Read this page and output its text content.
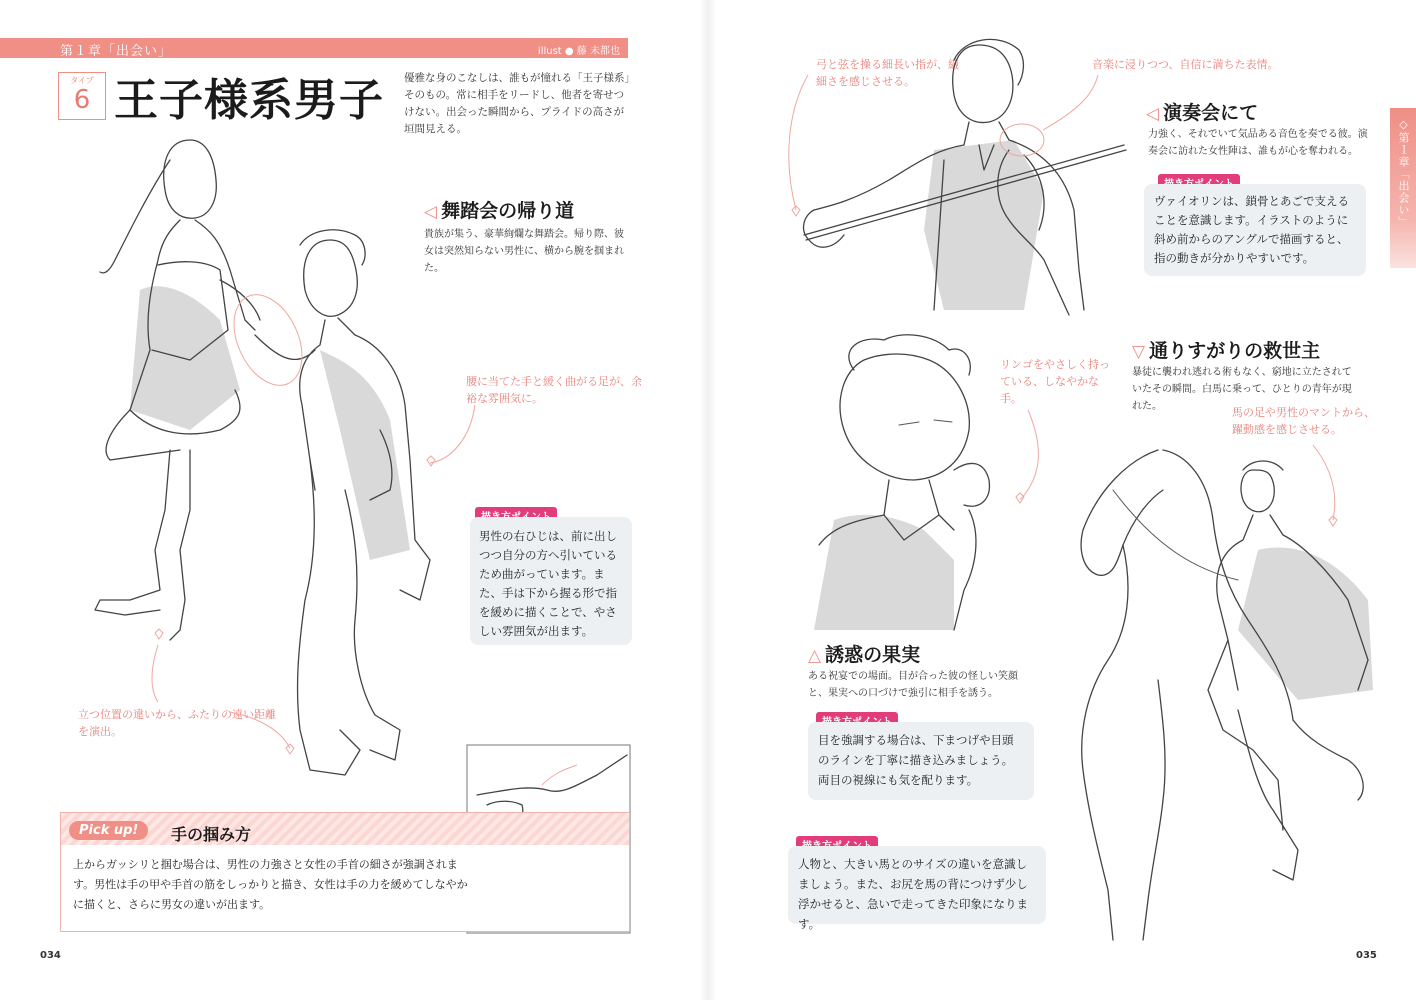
第１章「出会い」	illust ● 藤 未都也
タイプ
6 王子様系男子 優雅な身のこなしは、誰もが憧れる「王子様系」そのもの。常に相手をリードし、他者を寄せつけない。出会った瞬間から、プライドの高さが垣間見える。
◁ 舞踏会の帰り道
貴族が集う、豪華絢爛な舞踏会。帰り際、彼女は突然知らない男性に、横から腕を掴まれた。
腰に当てた手と緩く曲がる足が、余裕な雰囲気に。
男性の右ひじは、前に出しつつ自分の方へ引いているため曲がっています。また、手は下から握る形で指を緩めに描くことで、やさしい雰囲気が出ます。
立つ位置の違いから、ふたりの遠い距離を演出。
Pick up!	手の掴み方
上からガッシリと掴む場合は、男性の力強さと女性の手首の細さが強調されます。男性は手の甲や手首の筋をしっかりと描き、女性は手の力を緩めてしなやかに描くと、さらに男女の違いが出ます。
034
◇第１章「出会い」
弓と弦を操る細長い指が、繊細さを感じさせる。
音楽に浸りつつ、自信に満ちた表情。
◁ 演奏会にて
力強く、それでいて気品ある音色を奏でる彼。演奏会に訪れた女性陣は、誰もが心を奪われる。
ヴァイオリンは、鎖骨とあごで支えることを意識します。イラストのように斜め前からのアングルで描画すると、指の動きが分かりやすいです。
リンゴをやさしく持っている、しなやかな手。
▽ 通りすがりの救世主
暴徒に襲われ逃れる術もなく、窮地に立たされていたその瞬間。白馬に乗って、ひとりの青年が現れた。	馬の足や男性のマントから、躍動感を感じさせる。
△ 誘惑の果実
ある祝宴での場面。目が合った彼の怪しい笑顔と、果実への口づけで強引に相手を誘う。
目を強調する場合は、下まつげや目頭のラインを丁寧に描き込みましょう。両目の視線にも気を配ります。
人物と、大きい馬とのサイズの違いを意識しましょう。また、お尻を馬の背につけず少し浮かせると、急いで走ってきた印象になります。
035
